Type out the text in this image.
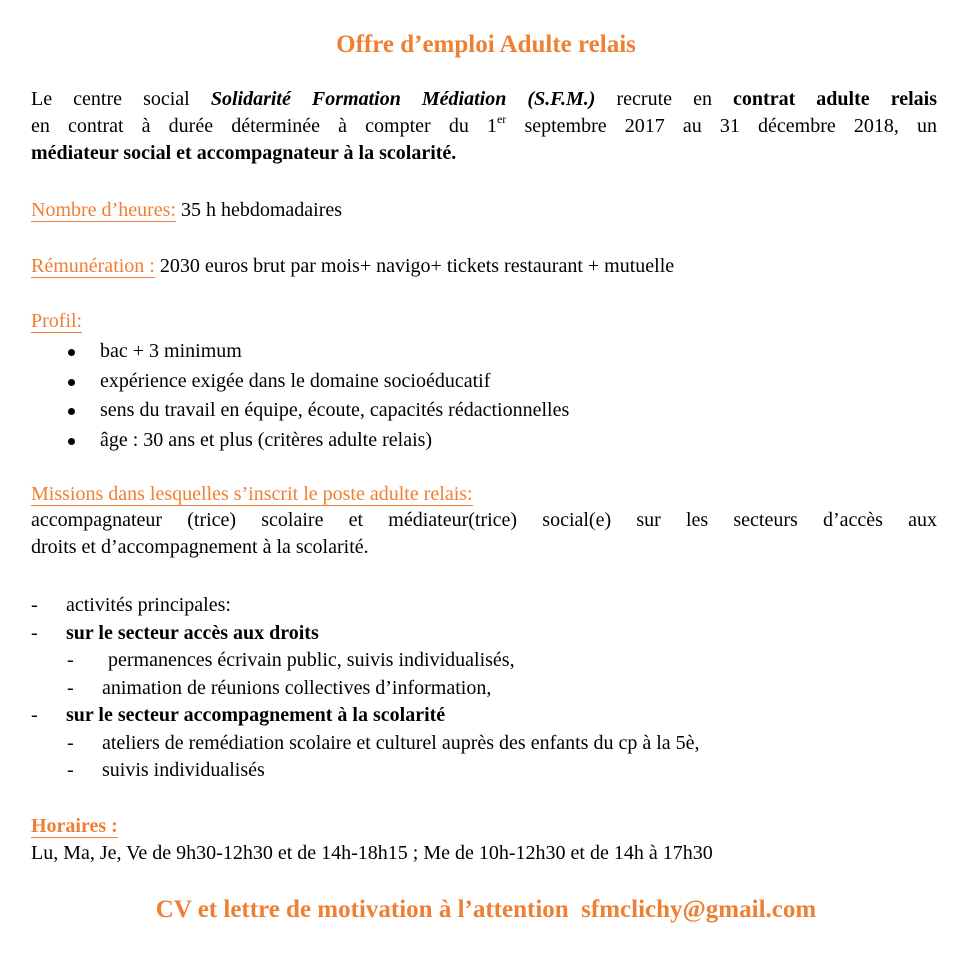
Offre d’emploi Adulte relais
Le centre social Solidarité Formation Médiation (S.F.M.) recrute en contrat adulte relais
en contrat à durée déterminée à compter du 1er septembre 2017 au 31 décembre 2018, un
médiateur social et accompagnateur à la scolarité.
Nombre d’heures: 35 h hebdomadaires
Rémunération : 2030 euros brut par mois+ navigo+ tickets restaurant + mutuelle
Profil:
bac + 3 minimum
expérience exigée dans le domaine socioéducatif
sens du travail en équipe, écoute, capacités rédactionnelles
âge : 30 ans et plus (critères adulte relais)
Missions dans lesquelles s’inscrit le poste adulte relais:
accompagnateur (trice) scolaire et médiateur(trice) social(e) sur les secteurs d’accès aux
droits et d’accompagnement à la scolarité.
- activités principales:
- sur le secteur accès aux droits
- permanences écrivain public, suivis individualisés,
- animation de réunions collectives d’information,
- sur le secteur accompagnement à la scolarité
- ateliers de remédiation scolaire et culturel auprès des enfants du cp à la 5è,
- suivis individualisés
Horaires :
Lu, Ma, Je, Ve de 9h30-12h30 et de 14h-18h15 ; Me de 10h-12h30 et de 14h à 17h30
CV et lettre de motivation à l’attention  sfmclichy@gmail.com
